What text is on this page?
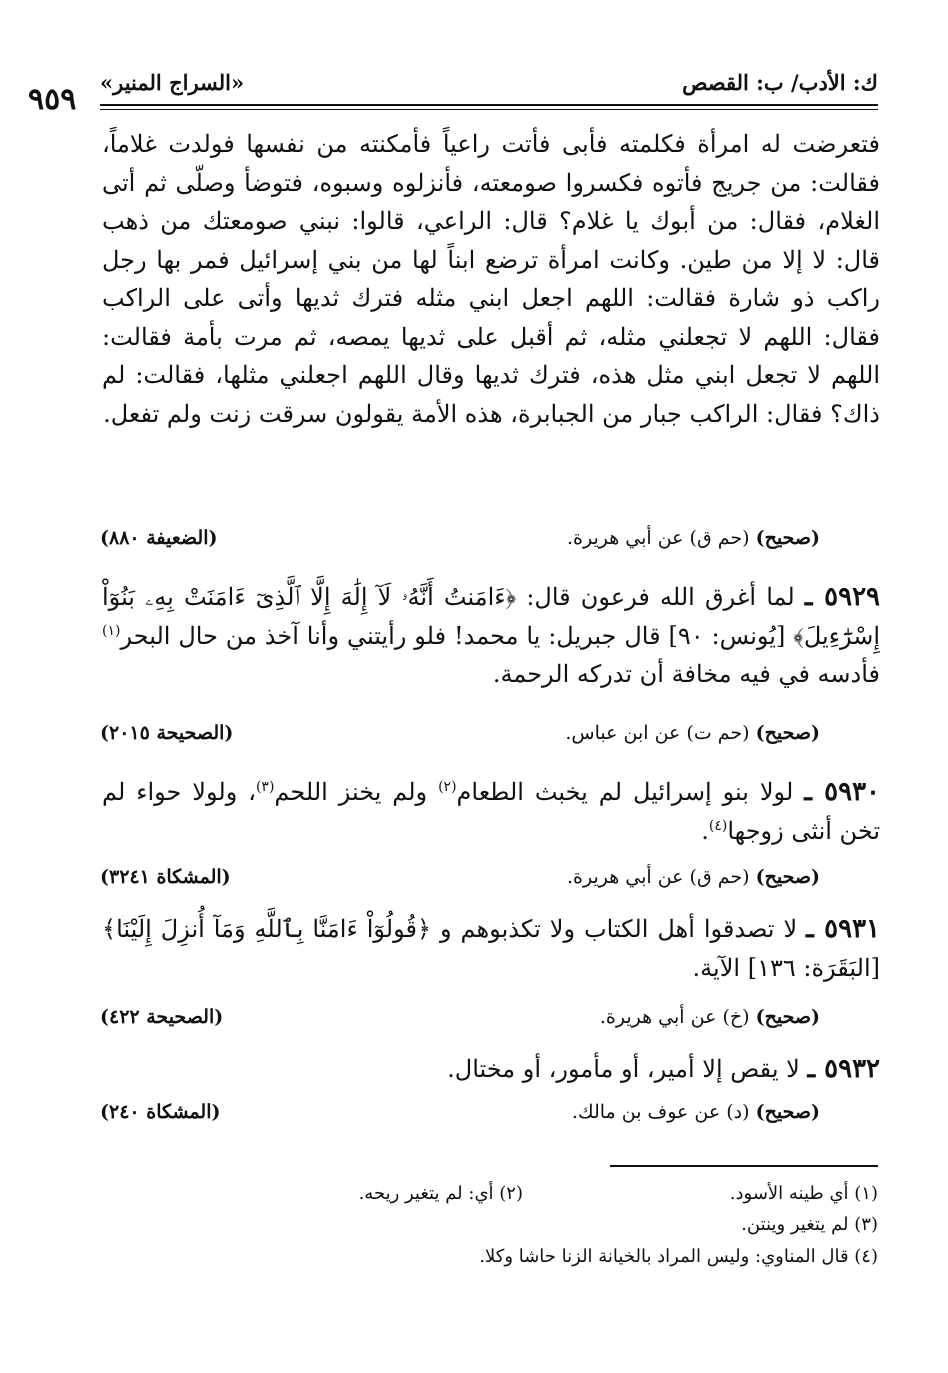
ك: الأدب/ ب: القصص
«السراج المنير»
٩٥٩
فتعرضت له امرأة فكلمته فأبى فأتت راعياً فأمكنته من نفسها فولدت غلاماً، فقالت: من جريج فأتوه فكسروا صومعته، فأنزلوه وسبوه، فتوضأ وصلّى ثم أتى الغلام، فقال: من أبوك يا غلام؟ قال: الراعي، قالوا: نبني صومعتك من ذهب قال: لا إلا من طين. وكانت امرأة ترضع ابناً لها من بني إسرائيل فمر بها رجل راكب ذو شارة فقالت: اللهم اجعل ابني مثله فترك ثديها وأتى على الراكب فقال: اللهم لا تجعلني مثله، ثم أقبل على ثديها يمصه، ثم مرت بأمة فقالت: اللهم لا تجعل ابني مثل هذه، فترك ثديها وقال اللهم اجعلني مثلها، فقالت: لم ذاك؟ فقال: الراكب جبار من الجبابرة، هذه الأمة يقولون سرقت زنت ولم تفعل.
(صحيح) (حم ق) عن أبي هريرة.
(الضعيفة ٨٨٠)
٥٩٢٩ ـ لما أغرق الله فرعون قال: ﴿ءَامَنتُ أَنَّهُۥ لَآ إِلَٰهَ إِلَّا ٱلَّذِىٓ ءَامَنَتْ بِهِۦ بَنُوٓاْ إِسْرَٰٓءِيلَ﴾ [يُونس: ٩٠] قال جبريل: يا محمد! فلو رأيتني وأنا آخذ من حال البحر$^{(١)}$ فأدسه في فيه مخافة أن تدركه الرحمة.
(صحيح) (حم ت) عن ابن عباس.
(الصحيحة ٢٠١٥)
٥٩٣٠ ـ لولا بنو إسرائيل لم يخبث الطعام$^{(٢)}$ ولم يخنز اللحم$^{(٣)}$، ولولا حواء لم تخن أنثى زوجها$^{(٤)}$.
(صحيح) (حم ق) عن أبي هريرة.
(المشكاة ٣٢٤١)
٥٩٣١ ـ لا تصدقوا أهل الكتاب ولا تكذبوهم و ﴿قُولُوٓاْ ءَامَنَّا بِٱللَّهِ وَمَآ أُنزِلَ إِلَيْنَا﴾ [البَقَرَة: ١٣٦] الآية.
(صحيح) (خ) عن أبي هريرة.
(الصحيحة ٤٢٢)
٥٩٣٢ ـ لا يقص إلا أمير، أو مأمور، أو مختال.
(صحيح) (د) عن عوف بن مالك.
(المشكاة ٢٤٠)
(١) أي طينه الأسود.
(٢) أي: لم يتغير ريحه.
(٣) لم يتغير وينتن.
(٤) قال المناوي: وليس المراد بالخيانة الزنا حاشا وكلا.
